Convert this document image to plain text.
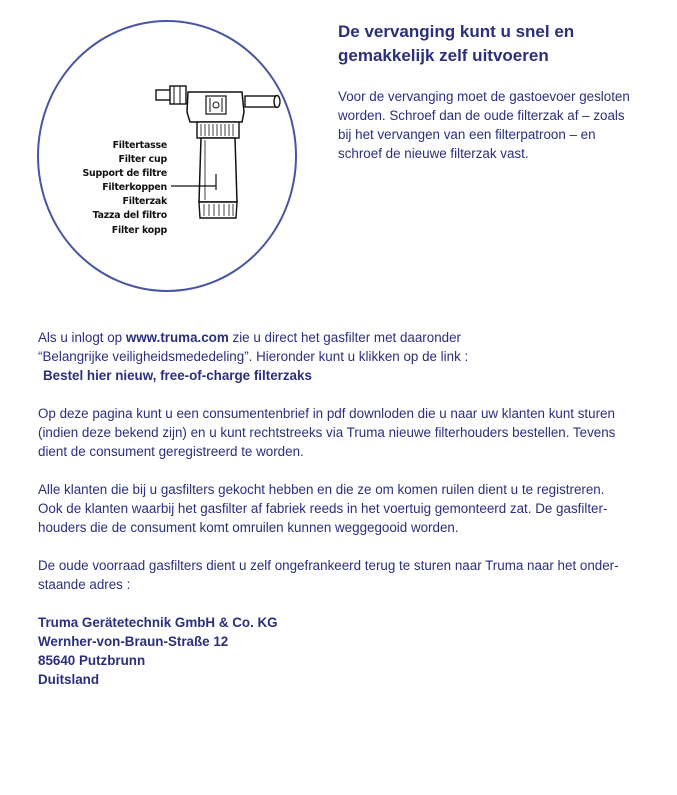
Filtertasse
Filter cup
Support de filtre
Filterkoppen
Filterzak
Tazza del filtro
Filter kopp
De vervanging kunt u snel en
gemakkelijk zelf uitvoeren
Voor de vervanging moet de gastoevoer gesloten
worden. Schroef dan de oude filterzak af – zoals
bij het vervangen van een filterpatroon – en
schroef de nieuwe filterzak vast.
Als u inlogt op www.truma.com zie u direct het gasfilter met daaronder
“Belangrijke veiligheidsmededeling”. Hieronder kunt u klikken op de link :
Bestel hier nieuw, free-of-charge filterzaks
Op deze pagina kunt u een consumentenbrief in pdf downloden die u naar uw klanten kunt sturen
(indien deze bekend zijn) en u kunt rechtstreeks via Truma nieuwe filterhouders bestellen. Tevens
dient de consument geregistreerd te worden.
Alle klanten die bij u gasfilters gekocht hebben en die ze om komen ruilen dient u te registreren.
Ook de klanten waarbij het gasfilter af fabriek reeds in het voertuig gemonteerd zat. De gasfilter-
houders die de consument komt omruilen kunnen weggegooid worden.
De oude voorraad gasfilters dient u zelf ongefrankeerd terug te sturen naar Truma naar het onder-
staande adres :
Truma Gerätetechnik GmbH & Co. KG
Wernher-von-Braun-Straße 12
85640 Putzbrunn
Duitsland
